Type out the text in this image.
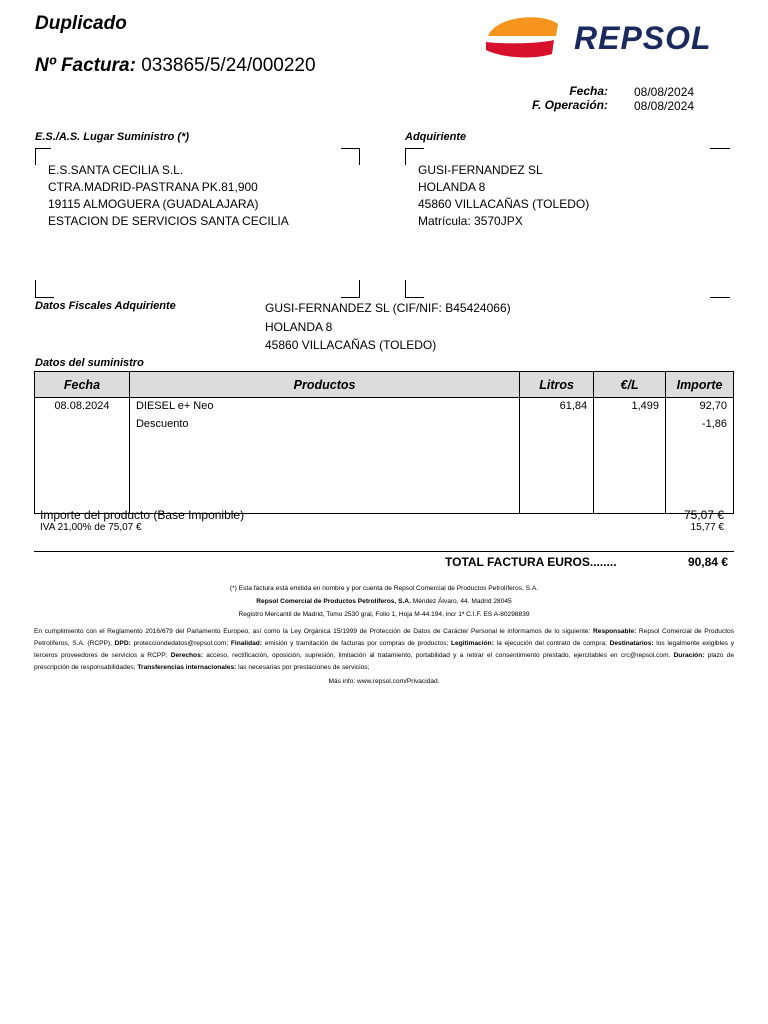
Duplicado
Nº Factura: 033865/5/24/000220
REPSOL
Fecha: 08/08/2024
F. Operación: 08/08/2024
E.S./A.S. Lugar Suministro (*)	Adquiriente
E.S.SANTA CECILIA S.L.
CTRA.MADRID-PASTRANA PK.81,900
19115 ALMOGUERA (GUADALAJARA)
ESTACION DE SERVICIOS SANTA CECILIA
GUSI-FERNANDEZ SL
HOLANDA 8
45860 VILLACAÑAS (TOLEDO)
Matrícula: 3570JPX
Datos Fiscales Adquiriente	GUSI-FERNANDEZ SL (CIF/NIF: B45424066)
HOLANDA 8
45860 VILLACAÑAS (TOLEDO)
Datos del suministro
Fecha	Productos	Litros	€/L	Importe
08.08.2024	DIESEL e+ Neo	61,84	1,499	92,70
	Descuento			-1,86

Importe del producto (Base Imponible)	75,07 €
IVA 21,00% de 75,07 €	15,77 €
TOTAL FACTURA EUROS........	90,84 €
(*) Esta factura está emitida en nombre y por cuenta de Repsol Comercial de Productos Petrolíferos, S.A.
Repsol Comercial de Productos Petrolíferos, S.A. Méndez Álvaro, 44. Madrid 28045
Registro Mercantil de Madrid, Tomo 2530 gral, Folio 1, Hoja M-44.194, incr 1ª C.I.F. ES A-80298839
En cumplimiento con el Reglamento 2016/679 del Parlamento Europeo, así como la Ley Orgánica 15/1999 de Protección de Datos de Carácter Personal le informamos de lo siguiente: Responsable: Repsol Comercial de Productos Petrolíferos, S.A. (RCPP); DPD: protecciondedatos@repsol.com; Finalidad: emisión y tramitación de facturas por compras de productos; Legitimación: la ejecución del contrato de compra; Destinatarios: los legalmente exigibles y terceros proveedores de servicios a RCPP; Derechos: acceso, rectificación, oposición, supresión, limitación al tratamiento, portabilidad y a retirar el consentimiento prestado, ejercitables en crc@repsol.com. Duración: plazo de prescripción de responsabilidades; Transferencias internacionales: las necesarias por prestaciones de servicios;
Más info: www.repsol.com/Privacidad.
